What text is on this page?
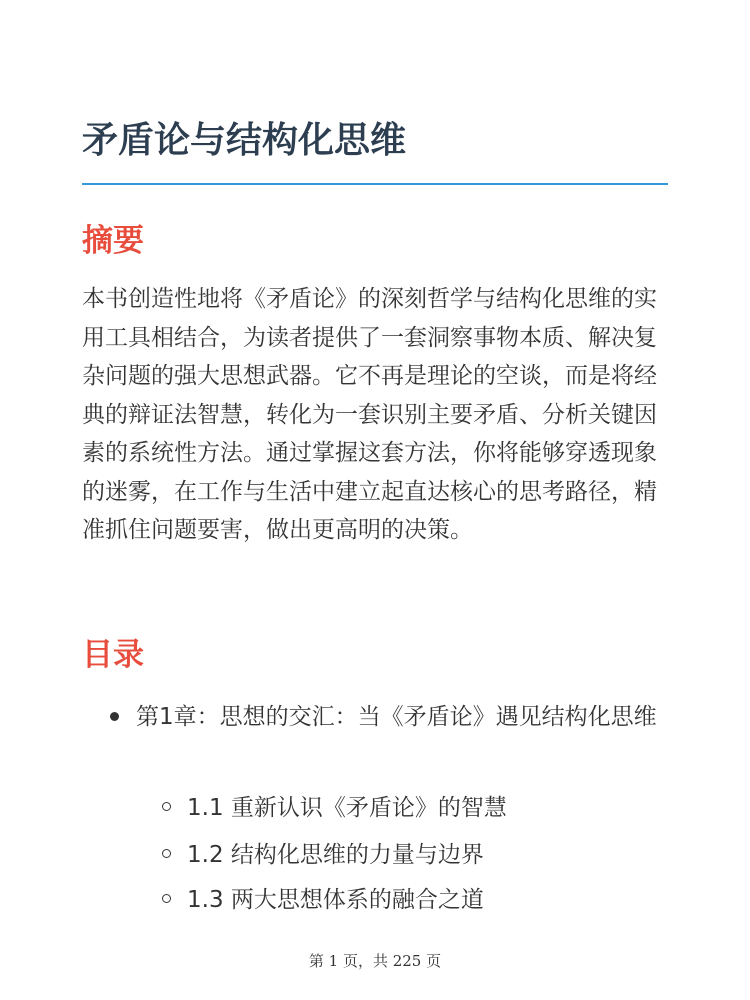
矛盾论与结构化思维
摘要

本书创造性地将《矛盾论》的深刻哲学与结构化思维的实用工具相结合，为读者提供了一套洞察事物本质、解决复杂问题的强大思想武器。它不再是理论的空谈，而是将经典的辩证法智慧，转化为一套识别主要矛盾、分析关键因素的系统性方法。通过掌握这套方法，你将能够穿透现象的迷雾，在工作与生活中建立起直达核心的思考路径，精准抓住问题要害，做出更高明的决策。

目录
第1章：思想的交汇：当《矛盾论》遇见结构化思维
1.1 重新认识《矛盾论》的智慧
1.2 结构化思维的力量与边界
1.3 两大思想体系的融合之道
第 1 页，共 225 页
